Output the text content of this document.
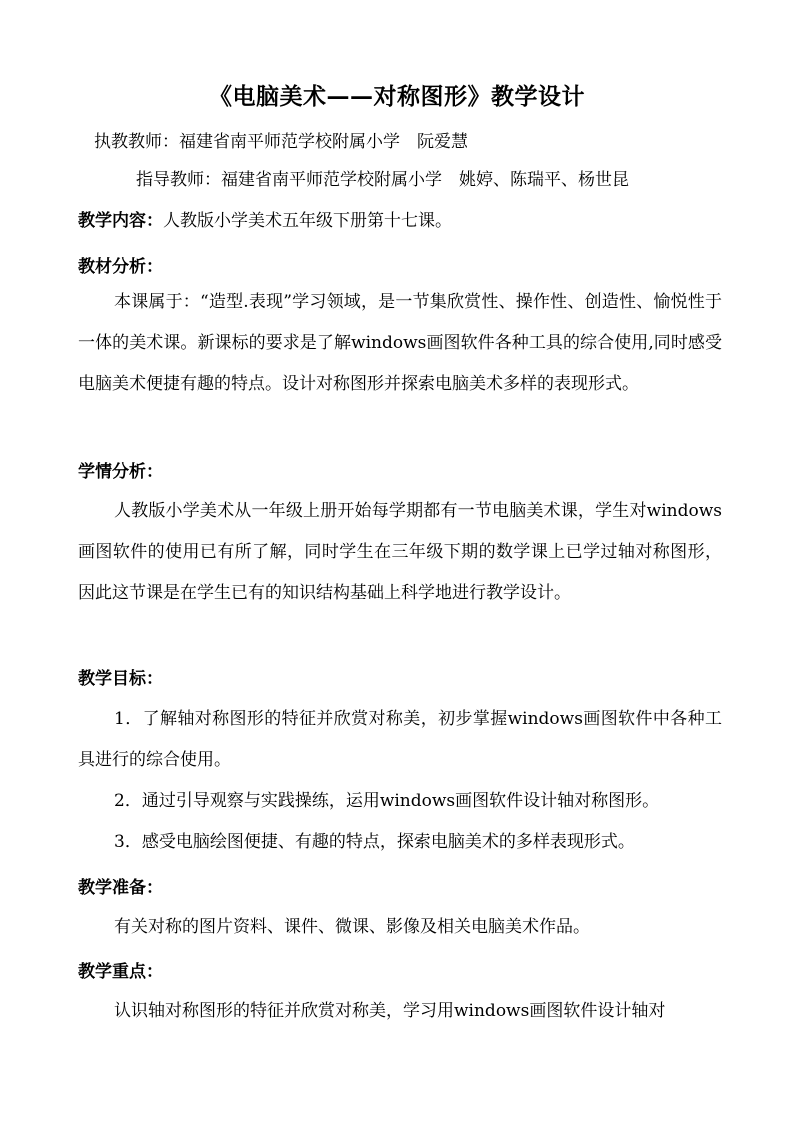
《电脑美术——对称图形》教学设计
执教教师：福建省南平师范学校附属小学　阮爱慧
指导教师：福建省南平师范学校附属小学　姚婷、陈瑞平、杨世昆
教学内容：人教版小学美术五年级下册第十七课。
教材分析：
本课属于：“造型.表现”学习领域，是一节集欣赏性、操作性、创造性、愉悦性于一体的美术课。新课标的要求是了解windows画图软件各种工具的综合使用,同时感受电脑美术便捷有趣的特点。设计对称图形并探索电脑美术多样的表现形式。
学情分析：
人教版小学美术从一年级上册开始每学期都有一节电脑美术课，学生对windows画图软件的使用已有所了解，同时学生在三年级下期的数学课上已学过轴对称图形，因此这节课是在学生已有的知识结构基础上科学地进行教学设计。
教学目标：
1．了解轴对称图形的特征并欣赏对称美，初步掌握windows画图软件中各种工具进行的综合使用。
2．通过引导观察与实践操练，运用windows画图软件设计轴对称图形。
3．感受电脑绘图便捷、有趣的特点，探索电脑美术的多样表现形式。
教学准备：
有关对称的图片资料、课件、微课、影像及相关电脑美术作品。
教学重点：
认识轴对称图形的特征并欣赏对称美，学习用windows画图软件设计轴对
